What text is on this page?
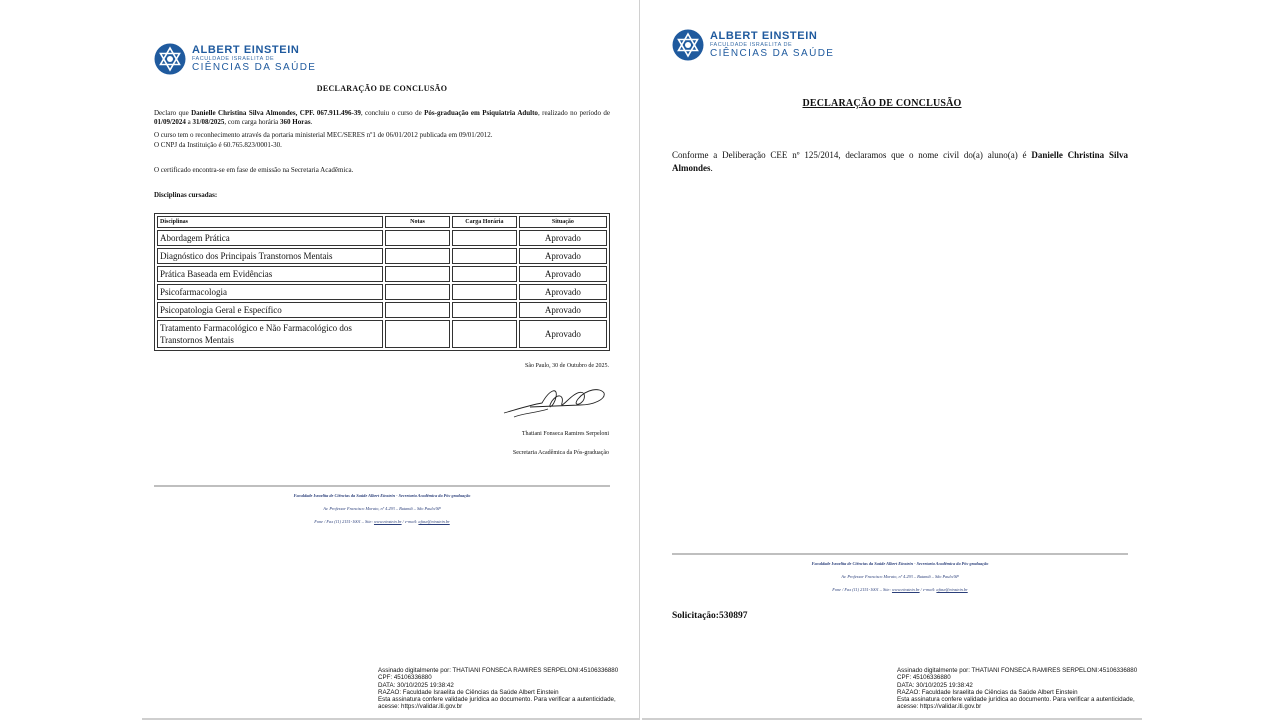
ALBERT EINSTEIN
FACULDADE ISRAELITA DE
CIÊNCIAS DA SAÚDE
DECLARAÇÃO DE CONCLUSÃO
Declaro que Danielle Christina Silva Almondes, CPF. 067.911.496-39, concluiu o curso de Pós-graduação em Psiquiatria Adulto, realizado no período de 01/09/2024 a 31/08/2025, com carga horária 360 Horas.
O curso tem o reconhecimento através da portaria ministerial MEC/SERES nº1 de 06/01/2012 publicada em 09/01/2012.
O CNPJ da Instituição é 60.765.823/0001-30.
O certificado encontra-se em fase de emissão na Secretaria Acadêmica.
Disciplinas cursadas:
Disciplinas	Notas	Carga Horária	Situação
Abordagem Prática			Aprovado
Diagnóstico dos Principais Transtornos Mentais			Aprovado
Prática Baseada em Evidências			Aprovado
Psicofarmacologia			Aprovado
Psicopatologia Geral e Específico			Aprovado
Tratamento Farmacológico e Não Farmacológico dos Transtornos Mentais			Aprovado
São Paulo, 30 de Outubro de 2025.
Thatiani Fonseca Ramires Serpeloni
Secretaria Acadêmica da Pós-graduação
Faculdade Israelita de Ciências da Saúde Albert Einstein - Secretaria Acadêmica da Pós-graduação
Av. Professor Francisco Morato, nº 4.293 – Butantã – São Paulo/SP
Fone / Fax (11) 2151-1001 – Site: www.einstein.br / e-mail: afase@einstein.br
Assinado digitalmente por: THATIANI FONSECA RAMIRES SERPELONI:45106336880
CPF: 45106336880
DATA: 30/10/2025 19:38:42
RAZAO: Faculdade Israelita de Ciências da Saúde Albert Einstein
Esta assinatura confere validade jurídica ao documento. Para verificar a autenticidade,
acesse: https://validar.iti.gov.br
ALBERT EINSTEIN
FACULDADE ISRAELITA DE
CIÊNCIAS DA SAÚDE
DECLARAÇÃO DE CONCLUSÃO
Conforme a Deliberação CEE nº 125/2014, declaramos que o nome civil do(a) aluno(a) é Danielle Christina Silva Almondes.
Faculdade Israelita de Ciências da Saúde Albert Einstein - Secretaria Acadêmica da Pós-graduação
Av. Professor Francisco Morato, nº 4.293 – Butantã – São Paulo/SP
Fone / Fax (11) 2151-1001 – Site: www.einstein.br / e-mail: afase@einstein.br
Solicitação:530897
Assinado digitalmente por: THATIANI FONSECA RAMIRES SERPELONI:45106336880
CPF: 45106336880
DATA: 30/10/2025 19:38:42
RAZAO: Faculdade Israelita de Ciências da Saúde Albert Einstein
Esta assinatura confere validade jurídica ao documento. Para verificar a autenticidade,
acesse: https://validar.iti.gov.br
